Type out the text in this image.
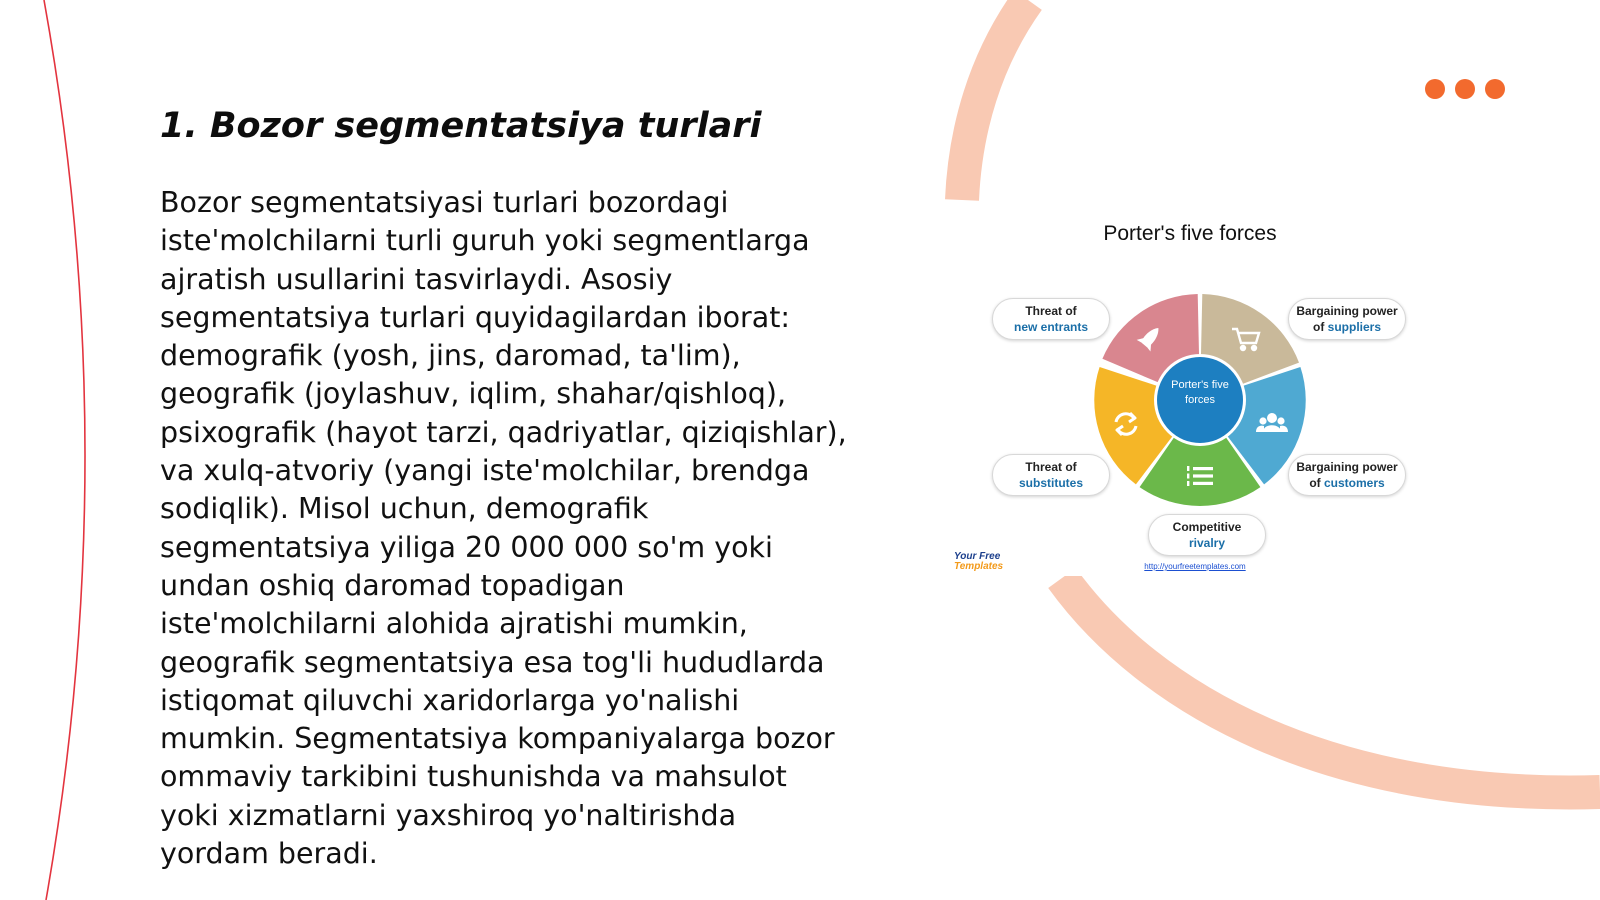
1. Bozor segmentatsiya turlari

Bozor segmentatsiyasi turlari bozordagi iste'molchilarni turli guruh yoki segmentlarga ajratish usullarini tasvirlaydi. Asosiy segmentatsiya turlari quyidagilardan iborat: demografik (yosh, jins, daromad, ta'lim), geografik (joylashuv, iqlim, shahar/qishloq), psixografik (hayot tarzi, qadriyatlar, qiziqishlar), va xulq-atvoriy (yangi iste'molchilar, brendga sodiqlik). Misol uchun, demografik segmentatsiya yiliga 20 000 000 so'm yoki undan oshiq daromad topadigan iste'molchilarni alohida ajratishi mumkin, geografik segmentatsiya esa tog'li hududlarda istiqomat qiluvchi xaridorlarga yo'nalishi mumkin. Segmentatsiya kompaniyalarga bozor ommaviy tarkibini tushunishda va mahsulot yoki xizmatlarni yaxshiroq yo'naltirishda yordam beradi.

Porter's five forces
Porter's five forces
Threat of
new entrants
Bargaining power
of suppliers
Bargaining power
of customers
Competitive
rivalry
Threat of
substitutes
Your Free
Templates	http://yourfreetemplates.com
